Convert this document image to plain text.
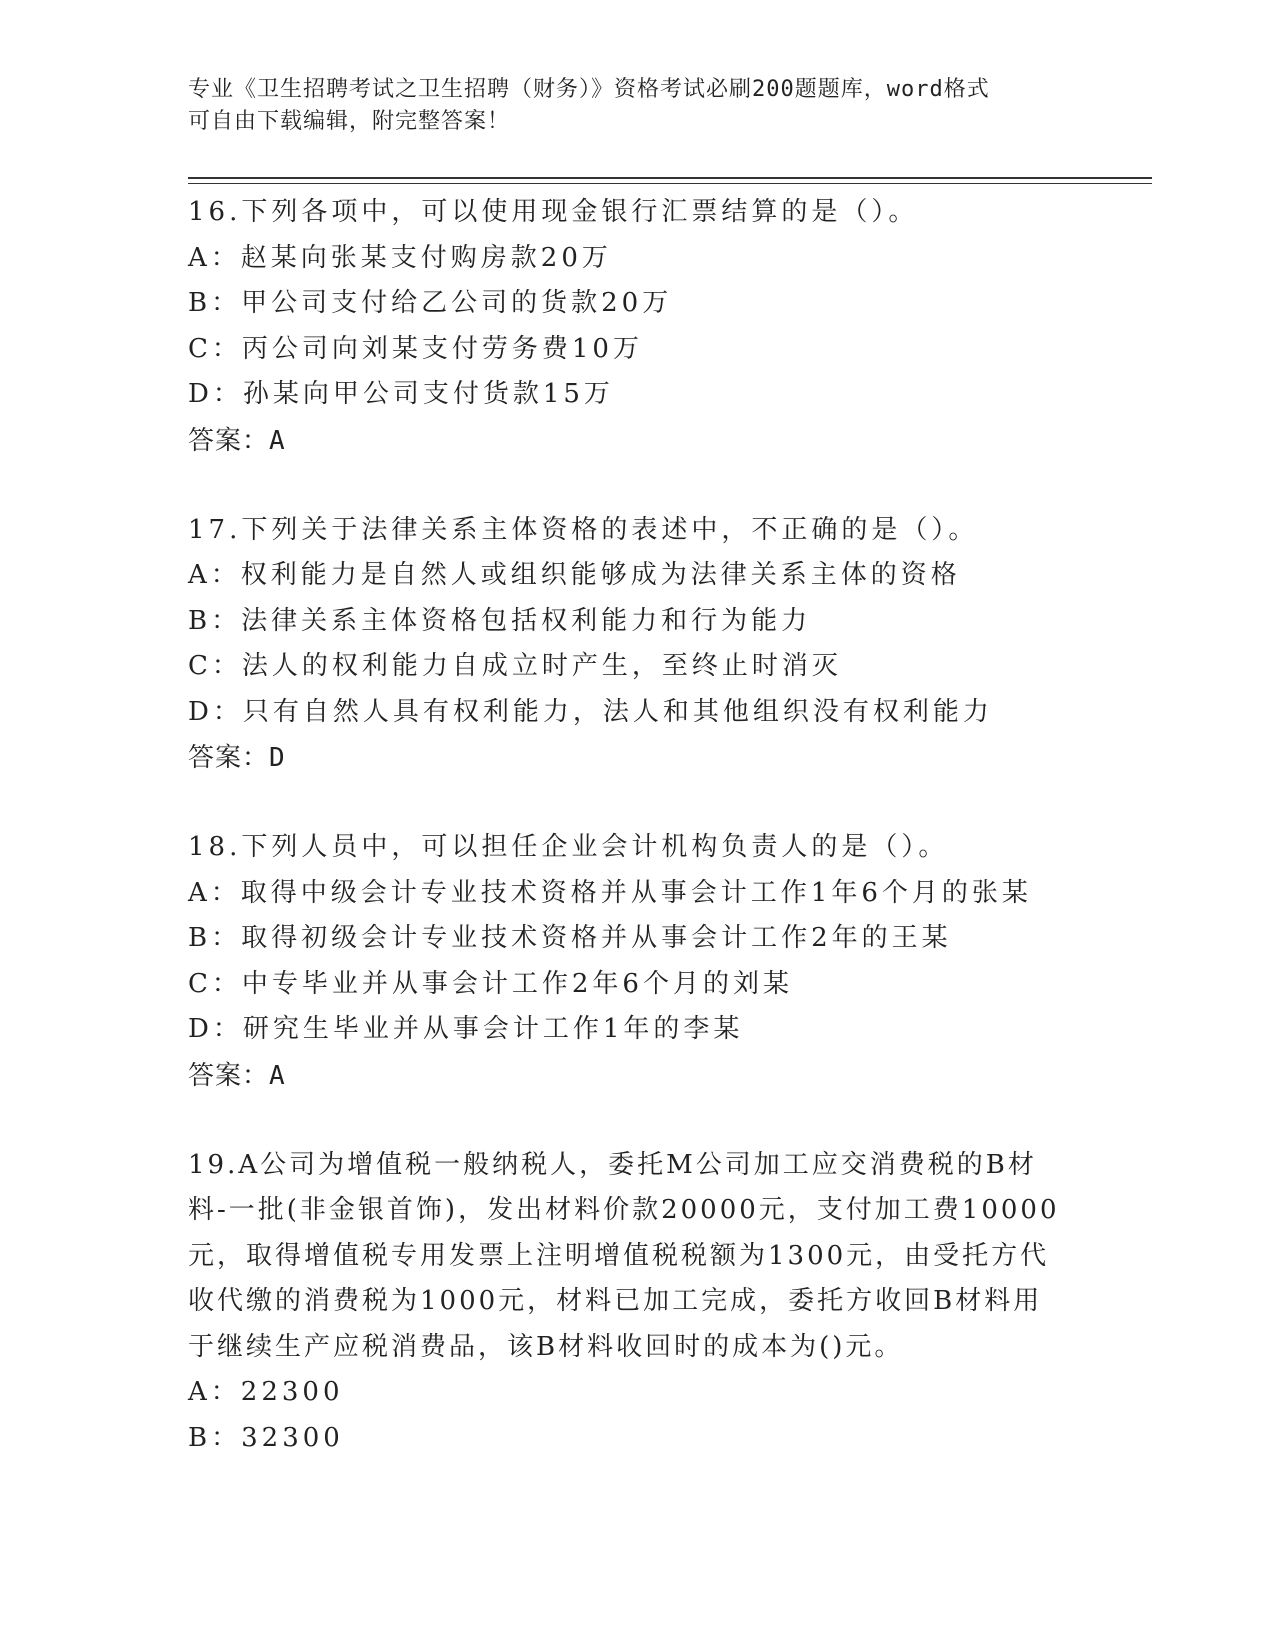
专业《卫生招聘考试之卫生招聘（财务）》资格考试必刷200题题库，word格式
可自由下载编辑，附完整答案！
16.下列各项中，可以使用现金银行汇票结算的是（）。
A：赵某向张某支付购房款20万
B：甲公司支付给乙公司的货款20万
C：丙公司向刘某支付劳务费10万
D：孙某向甲公司支付货款15万
答案：A
17.下列关于法律关系主体资格的表述中，不正确的是（）。
A：权利能力是自然人或组织能够成为法律关系主体的资格
B：法律关系主体资格包括权利能力和行为能力
C：法人的权利能力自成立时产生，至终止时消灭
D：只有自然人具有权利能力，法人和其他组织没有权利能力
答案：D
18.下列人员中，可以担任企业会计机构负责人的是（）。
A：取得中级会计专业技术资格并从事会计工作1年6个月的张某
B：取得初级会计专业技术资格并从事会计工作2年的王某
C：中专毕业并从事会计工作2年6个月的刘某
D：研究生毕业并从事会计工作1年的李某
答案：A
19.A公司为增值税一般纳税人，委托M公司加工应交消费税的B材料-一批(非金银首饰)，发出材料价款20000元，支付加工费10000元，取得增值税专用发票上注明增值税税额为1300元，由受托方代收代缴的消费税为1000元，材料已加工完成，委托方收回B材料用于继续生产应税消费品，该B材料收回时的成本为()元。
A：22300
B：32300
